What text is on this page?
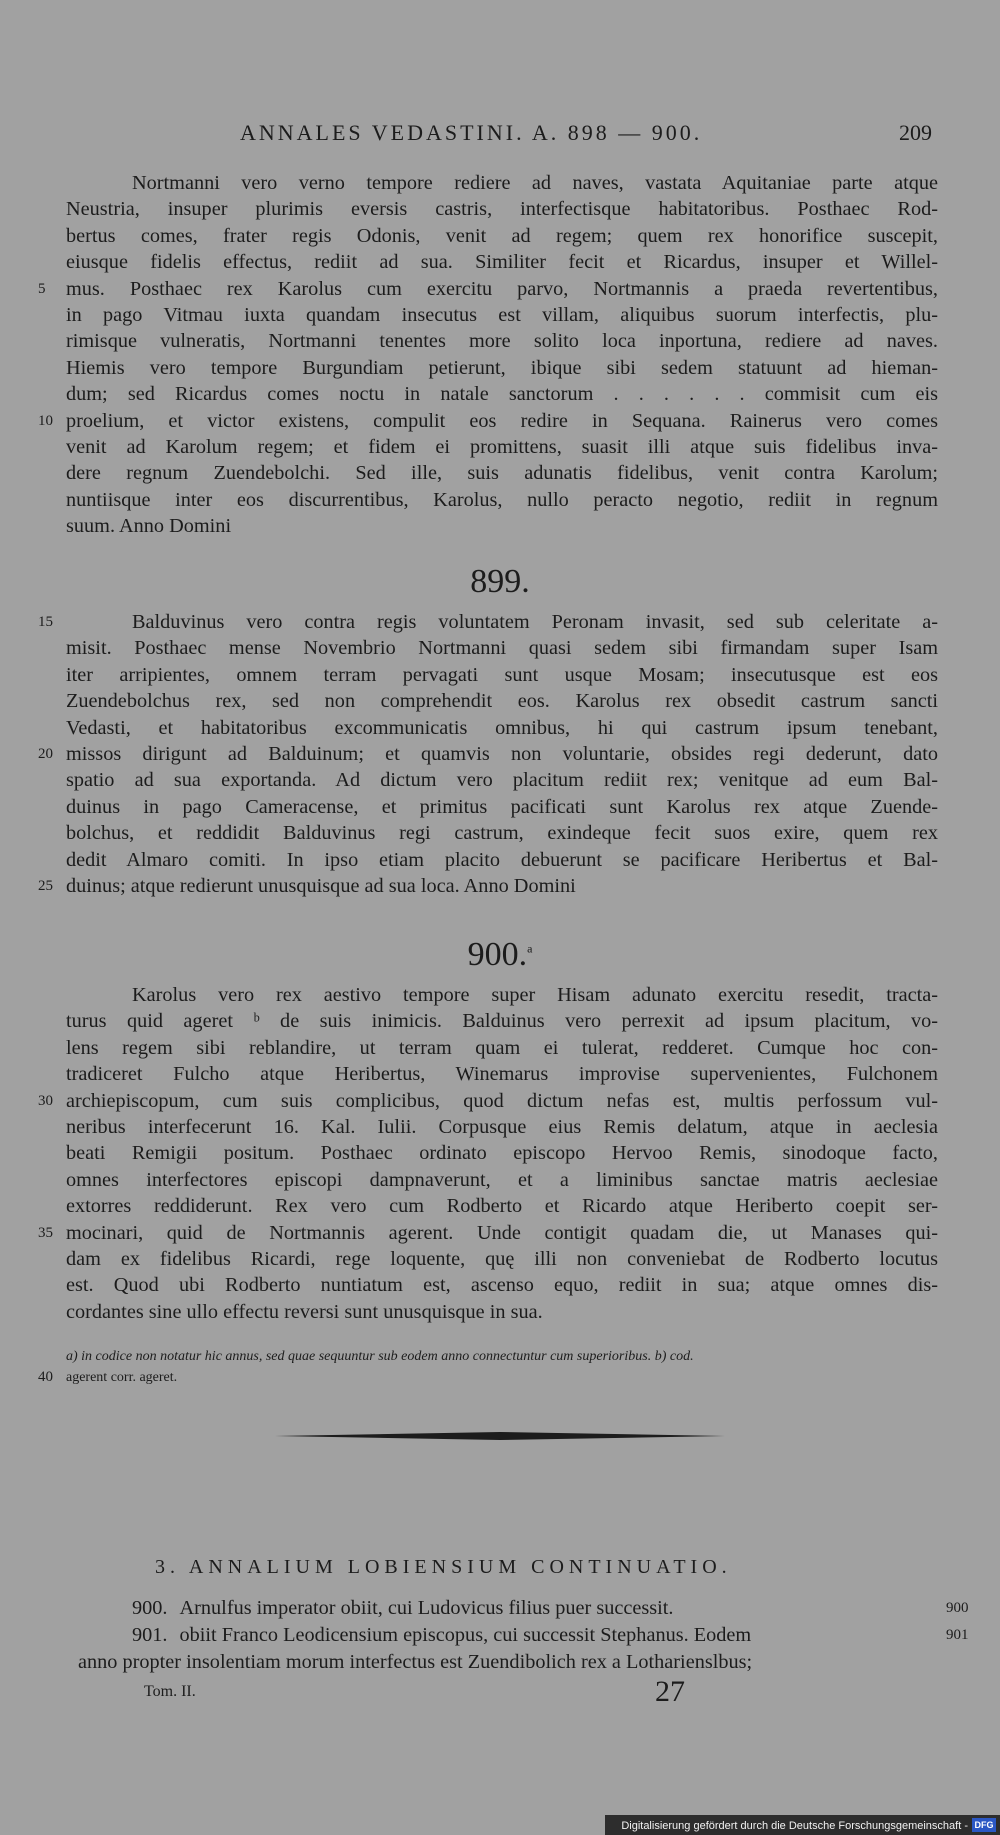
ANNALES VEDASTINI. A. 898 — 900.	209
Nortmanni vero verno tempore rediere ad naves, vastata Aquitaniae parte atque
Neustria, insuper plurimis eversis castris, interfectisque habitatoribus. Posthaec Rod-
bertus comes, frater regis Odonis, venit ad regem; quem rex honorifice suscepit,
eiusque fidelis effectus, rediit ad sua. Similiter fecit et Ricardus, insuper et Willel-
5	mus. Posthaec rex Karolus cum exercitu parvo, Nortmannis a praeda revertentibus,
in pago Vitmau iuxta quandam insecutus est villam, aliquibus suorum interfectis, plu-
rimisque vulneratis, Nortmanni tenentes more solito loca inportuna, rediere ad naves.
Hiemis vero tempore Burgundiam petierunt, ibique sibi sedem statuunt ad hieman-
dum; sed Ricardus comes noctu in natale sanctorum . . . . . . commisit cum eis
10 proelium, et victor existens, compulit eos redire in Sequana. Rainerus vero comes
venit ad Karolum regem; et fidem ei promittens, suasit illi atque suis fidelibus inva-
dere regnum Zuendebolchi. Sed ille, suis adunatis fidelibus, venit contra Karolum;
nuntiisque inter eos discurrentibus, Karolus, nullo peracto negotio, rediit in regnum
suum. Anno Domini
899.
15	Balduvinus vero contra regis voluntatem Peronam invasit, sed sub celeritate a-
misit. Posthaec mense Novembrio Nortmanni quasi sedem sibi firmandam super Isam
iter arripientes, omnem terram pervagati sunt usque Mosam; insecutusque est eos
Zuendebolchus rex, sed non comprehendit eos. Karolus rex obsedit castrum sancti
Vedasti, et habitatoribus excommunicatis omnibus, hi qui castrum ipsum tenebant,
20 missos dirigunt ad Balduinum; et quamvis non voluntarie, obsides regi dederunt, dato
spatio ad sua exportanda. Ad dictum vero placitum rediit rex; venitque ad eum Bal-
duinus in pago Cameracense, et primitus pacificati sunt Karolus rex atque Zuende-
bolchus, et reddidit Balduvinus regi castrum, exindeque fecit suos exire, quem rex
dedit Almaro comiti. In ipso etiam placito debuerunt se pacificare Heribertus et Bal-
25 duinus; atque redierunt unusquisque ad sua loca. Anno Domini
900.$^a$
Karolus vero rex aestivo tempore super Hisam adunato exercitu resedit, tracta-
turus quid ageret ᵇ de suis inimicis. Balduinus vero perrexit ad ipsum placitum, vo-
lens regem sibi reblandire, ut terram quam ei tulerat, redderet. Cumque hoc con-
tradiceret Fulcho atque Heribertus, Winemarus improvise supervenientes, Fulchonem
30 archiepiscopum, cum suis complicibus, quod dictum nefas est, multis perfossum vul-
neribus interfecerunt 16. Kal. Iulii. Corpusque eius Remis delatum, atque in aeclesia
beati Remigii positum. Posthaec ordinato episcopo Hervoo Remis, sinodoque facto,
omnes interfectores episcopi dampnaverunt, et a liminibus sanctae matris aeclesiae
extorres reddiderunt. Rex vero cum Rodberto et Ricardo atque Heriberto coepit ser-
35 mocinari, quid de Nortmannis agerent. Unde contigit quadam die, ut Manases qui-
dam ex fidelibus Ricardi, rege loquente, quę illi non conveniebat de Rodberto locutus
est. Quod ubi Rodberto nuntiatum est, ascenso equo, rediit in sua; atque omnes dis-
cordantes sine ullo effectu reversi sunt unusquisque in sua.
a) in codice non notatur hic annus, sed quae sequuntur sub eodem anno connectuntur cum superioribus. b) cod.
40 agerent corr. ageret.
3. ANNALIUM LOBIENSIUM CONTINUATIO.
900. Arnulfus imperator obiit, cui Ludovicus filius puer successit.	900
901. obiit Franco Leodicensium episcopus, cui successit Stephanus. Eodem	901
anno propter insolentiam morum interfectus est Zuendibolich rex a Lotharienslbus;
Tom. II.	27
Digitalisierung gefördert durch die Deutsche Forschungsgemeinschaft - DFG
